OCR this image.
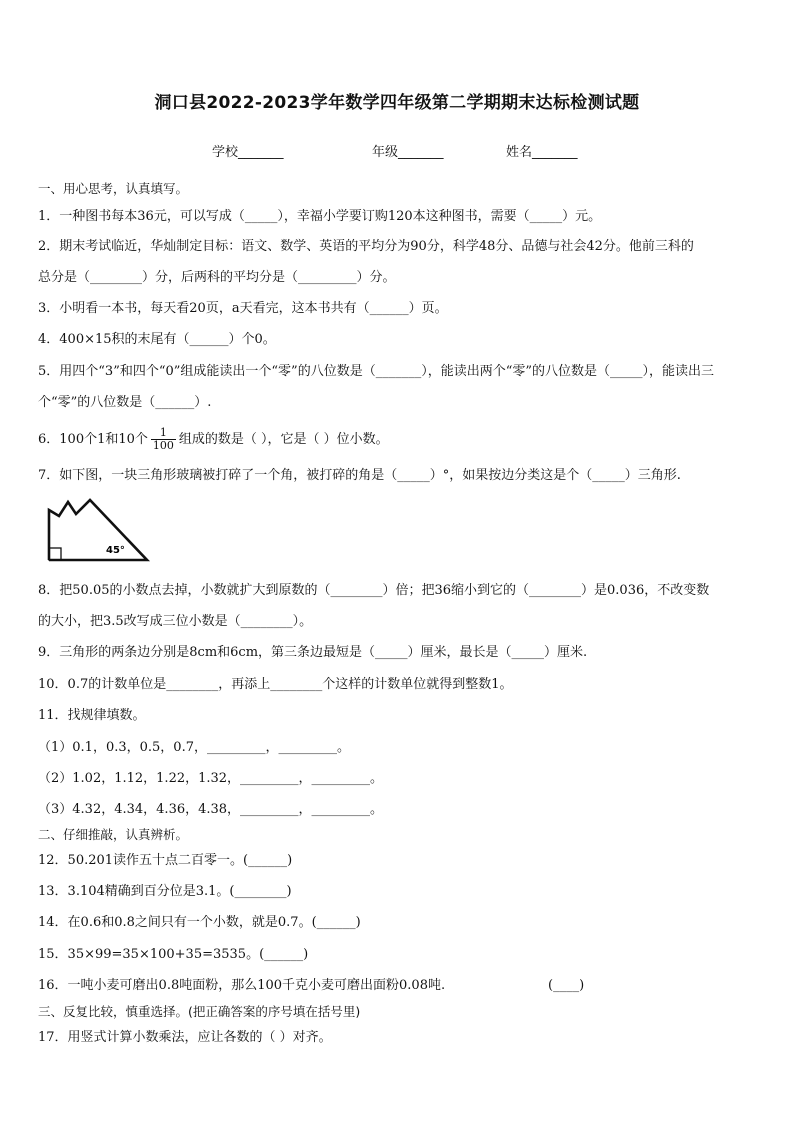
洞口县2022-2023学年数学四年级第二学期期末达标检测试题
学校_______	年级_______	姓名_______
一、用心思考，认真填写。
1．一种图书每本36元，可以写成（_____），幸福小学要订购120本这种图书，需要（_____）元。
2．期末考试临近，华灿制定目标：语文、数学、英语的平均分为90分，科学48分、品德与社会42分。他前三科的
总分是（________）分，后两科的平均分是（_________）分。
3．小明看一本书，每天看20页，a天看完，这本书共有（______）页。
4．400×15积的末尾有（______）个0。
5．用四个“3”和四个“0”组成能读出一个“零”的八位数是（_______），能读出两个“零”的八位数是（_____），能读出三
个“零”的八位数是（______）.
6．100个1和10个 $\frac{1}{100}$ 组成的数是（ ），它是（ ）位小数。
7．如下图，一块三角形玻璃被打碎了一个角，被打碎的角是（_____）°，如果按边分类这是个（_____）三角形.
45°
8．把50.05的小数点去掉，小数就扩大到原数的（________）倍；把36缩小到它的（________）是0.036，不改变数
的大小，把3.5改写成三位小数是（________）。
9．三角形的两条边分别是8cm和6cm，第三条边最短是（_____）厘米，最长是（_____）厘米.
10．0.7的计数单位是________，再添上________个这样的计数单位就得到整数1。
11．找规律填数。
（1）0.1，0.3，0.5，0.7，_________，_________。
（2）1.02，1.12，1.22，1.32，_________，_________。
（3）4.32，4.34，4.36，4.38，_________，_________。
二、仔细推敲，认真辨析。
12．50.201读作五十点二百零一。(______)
13．3.104精确到百分位是3.1。(________)
14．在0.6和0.8之间只有一个小数，就是0.7。(______)
15．35×99=35×100+35=3535。(______)
16．一吨小麦可磨出0.8吨面粉，那么100千克小麦可磨出面粉0.08吨.	(____)
三、反复比较，慎重选择。(把正确答案的序号填在括号里)
17．用竖式计算小数乘法，应让各数的（ ）对齐。
